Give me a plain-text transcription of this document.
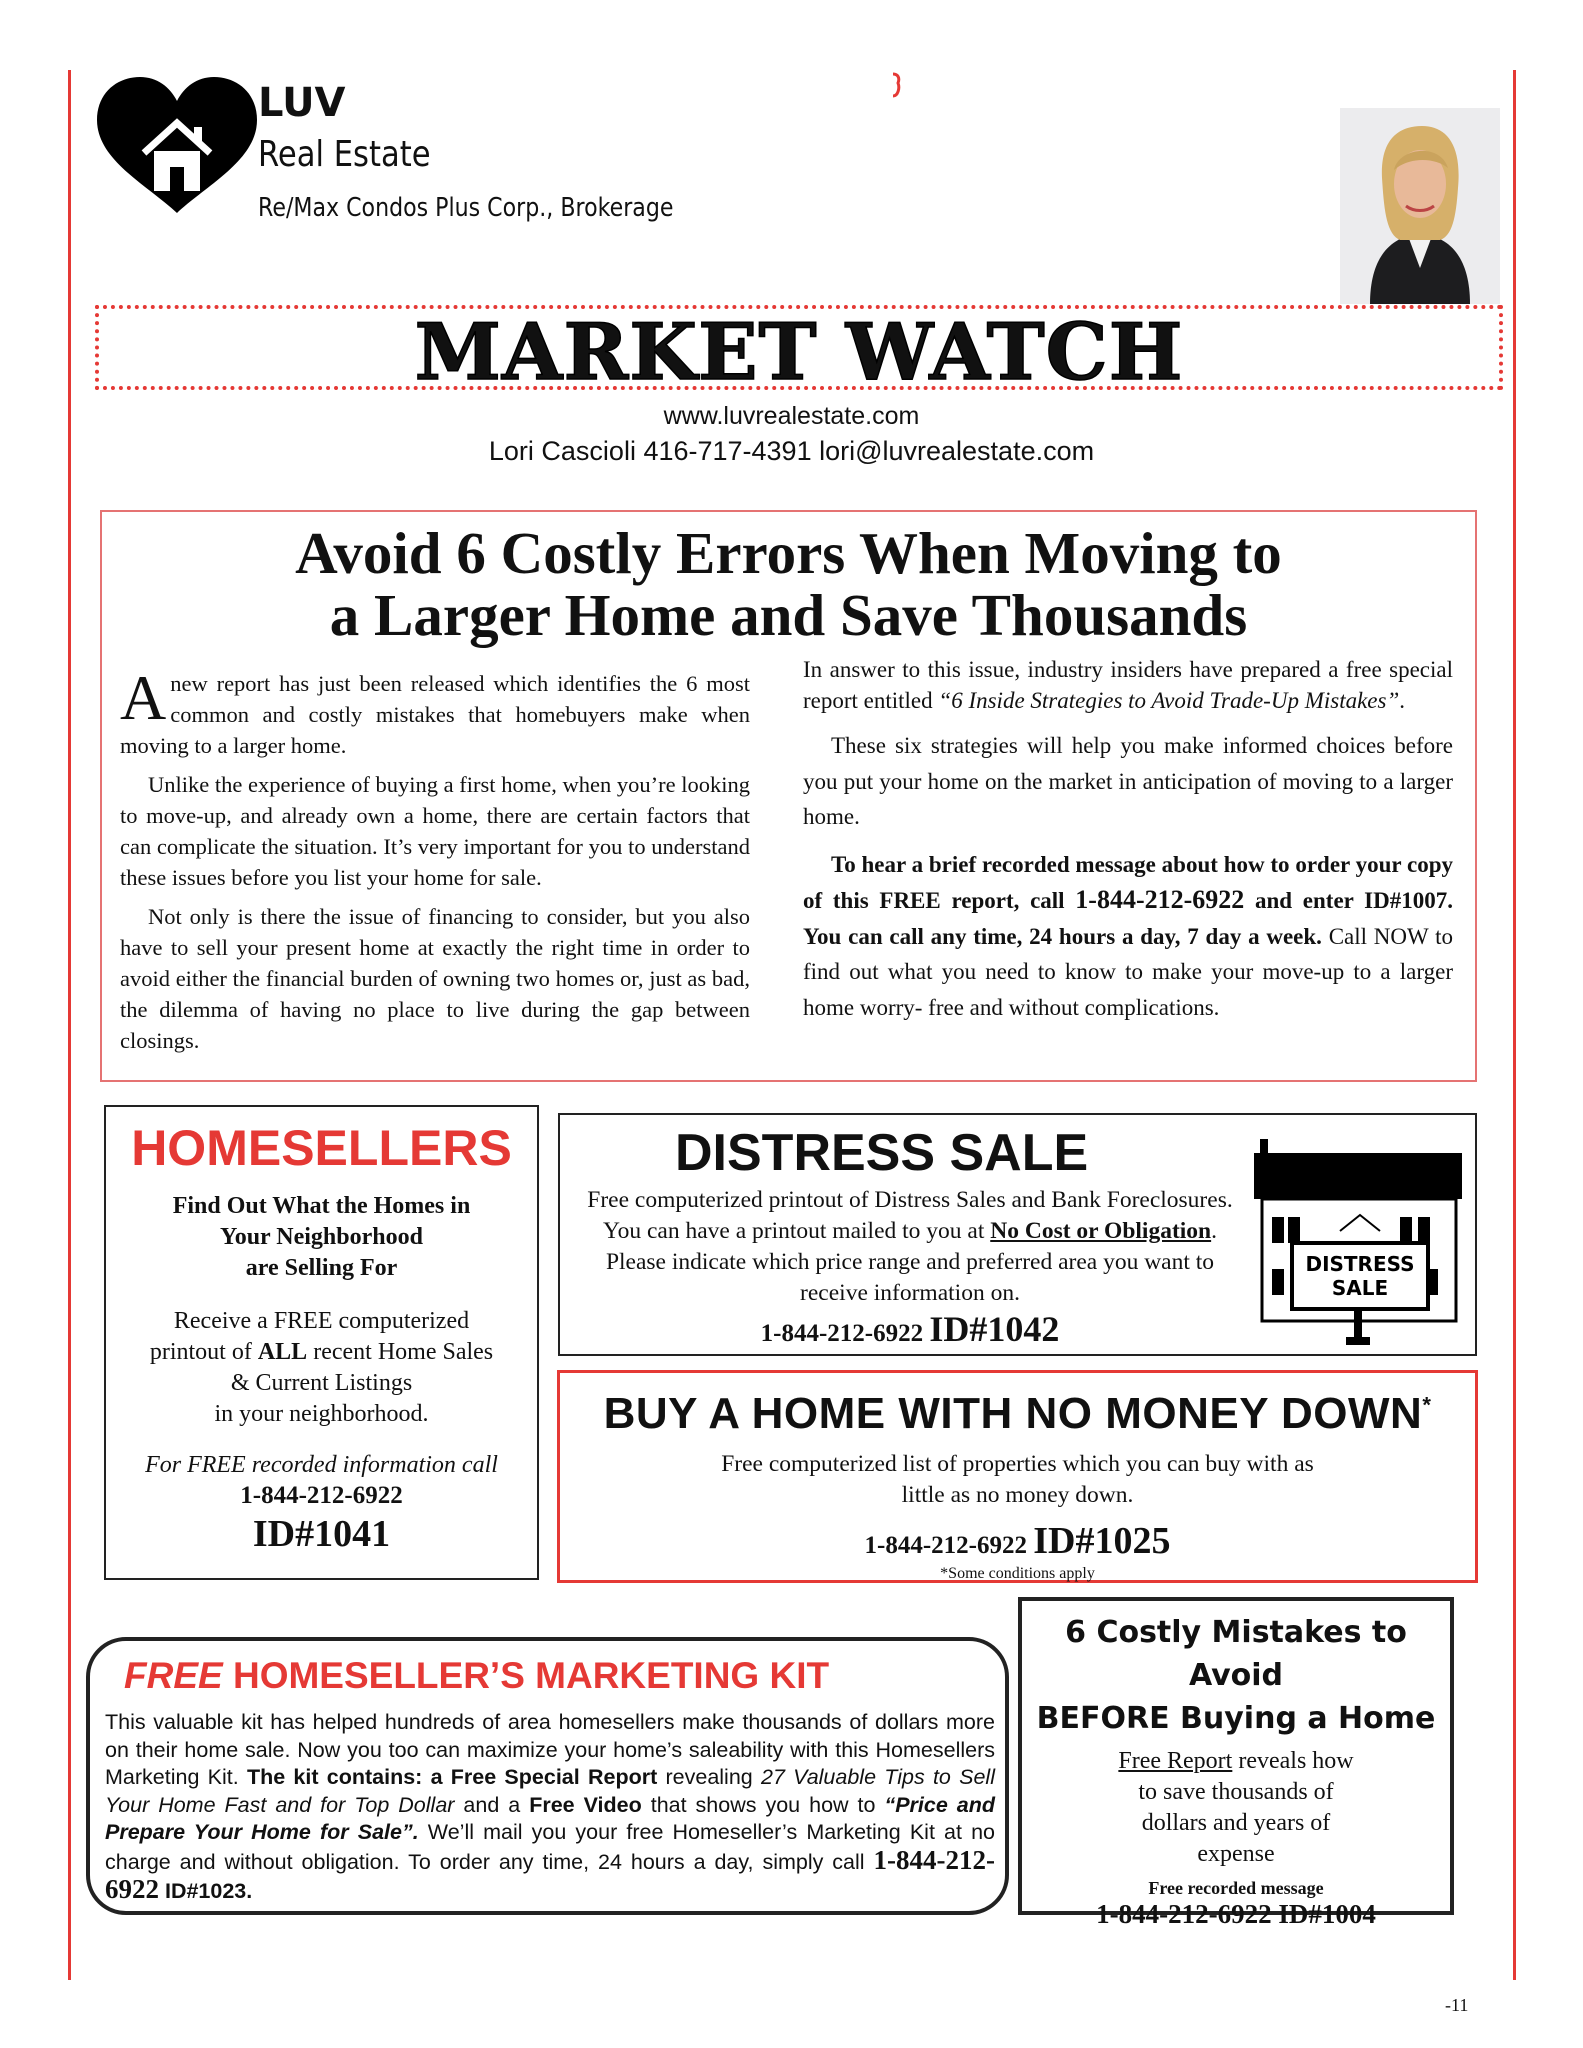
LUV
Real Estate
Re/Max Condos Plus Corp., Brokerage
MARKET WATCH
www.luvrealestate.com
Lori Cascioli 416-717-4391 lori@luvrealestate.com
Avoid 6 Costly Errors When Moving to
a Larger Home and Save Thousands

Anew report has just been released which identifies the 6 most common and costly mistakes that homebuyers make when moving to a larger home.

Unlike the experience of buying a first home, when you’re looking to move-up, and already own a home, there are certain factors that can complicate the situation. It’s very important for you to understand these issues before you list your home for sale.

Not only is there the issue of financing to consider, but you also have to sell your present home at exactly the right time in order to avoid either the financial burden of owning two homes or, just as bad, the dilemma of having no place to live during the gap between closings.

In answer to this issue, industry insiders have prepared a free special report entitled “6 Inside Strategies to Avoid Trade-Up Mistakes”.

These six strategies will help you make informed choices before you put your home on the market in anticipation of moving to a larger home.

To hear a brief recorded message about how to order your copy of this FREE report, call 1-844-212-6922 and enter ID#1007. You can call any time, 24 hours a day, 7 day a week. Call NOW to find out what you need to know to make your move-up to a larger home worry- free and without complications.

HOMESELLERS
Find Out What the Homes in
Your Neighborhood
are Selling For
Receive a FREE computerized
printout of ALL recent Home Sales
& Current Listings
in your neighborhood.
For FREE recorded information call
1-844-212-6922
ID#1041
DISTRESS SALE
Free computerized printout of Distress Sales and Bank Foreclosures. You can have a printout mailed to you at No Cost or Obligation. Please indicate which price range and preferred area you want to receive information on.
1-844-212-6922 ID#1042
DISTRESS
SALE
BUY A HOME WITH NO MONEY DOWN*
Free computerized list of properties which you can buy with as
little as no money down.
1-844-212-6922 ID#1025
*Some conditions apply
FREE HOMESELLER’S MARKETING KIT
This valuable kit has helped hundreds of area homesellers make thousands of dollars more on their home sale. Now you too can maximize your home’s saleability with this Homesellers Marketing Kit. The kit contains: a Free Special Report revealing 27 Valuable Tips to Sell Your Home Fast and for Top Dollar and a Free Video that shows you how to “Price and Prepare Your Home for Sale”. We’ll mail you your free Homeseller’s Marketing Kit at no charge and without obligation. To order any time, 24 hours a day, simply call 1-844-212-6922 ID#1023.
6 Costly Mistakes to Avoid
BEFORE Buying a Home
Free Report reveals how
to save thousands of
dollars and years of
expense
Free recorded message
1-844-212-6922 ID#1004
-11
